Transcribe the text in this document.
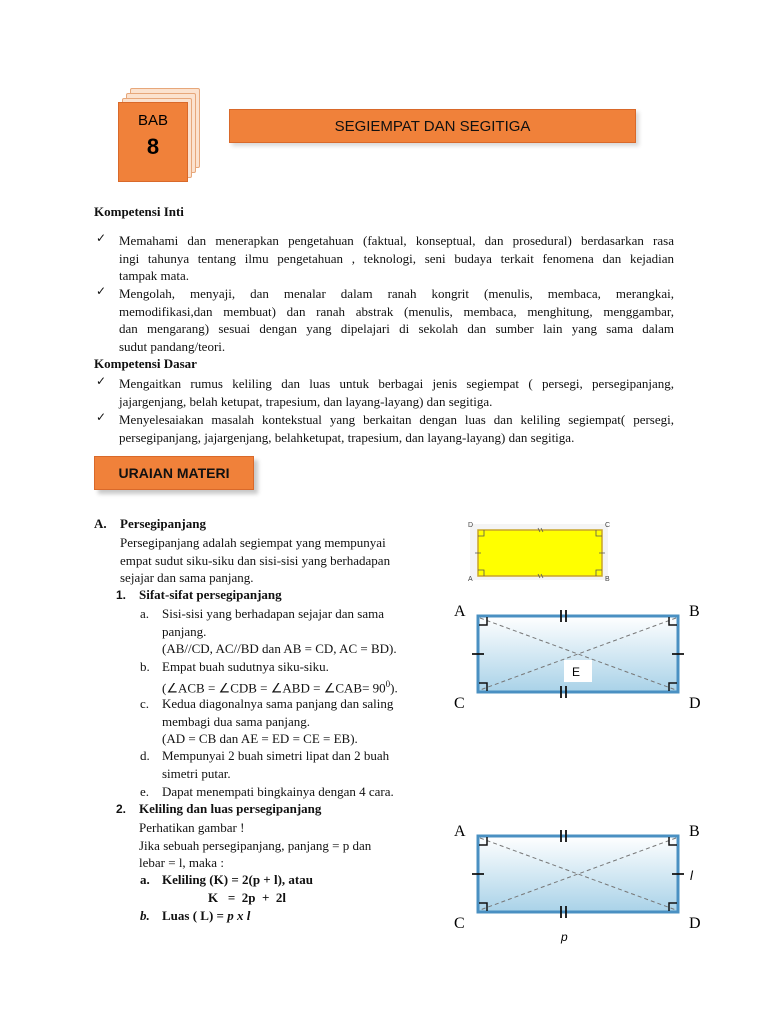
BAB
8
SEGIEMPAT DAN SEGITIGA
Kompetensi Inti
✓ Memahami dan menerapkan pengetahuan (faktual, konseptual, dan prosedural) berdasarkan rasa
ingi tahunya tentang ilmu pengetahuan , teknologi, seni budaya terkait fenomena dan kejadian
tampak mata.
✓ Mengolah, menyaji, dan menalar dalam ranah kongrit (menulis, membaca, merangkai,
memodifikasi,dan membuat) dan ranah abstrak (menulis, membaca, menghitung, menggambar,
dan mengarang) sesuai dengan yang dipelajari di sekolah dan sumber lain yang sama dalam
sudut pandang/teori.
Kompetensi Dasar
✓ Mengaitkan rumus keliling dan luas untuk berbagai jenis segiempat ( persegi, persegipanjang,
jajargenjang, belah ketupat, trapesium, dan layang-layang) dan segitiga.
✓ Menyelesaiakan masalah kontekstual yang berkaitan dengan luas dan keliling segiempat( persegi,
persegipanjang, jajargenjang, belahketupat, trapesium, dan layang-layang) dan segitiga.
URAIAN MATERI
A. Persegipanjang
Persegipanjang adalah segiempat yang mempunyai
empat sudut siku-siku dan sisi-sisi yang berhadapan
sejajar dan sama panjang.
1. Sifat-sifat persegipanjang
a. Sisi-sisi yang berhadapan sejajar dan sama
panjang.
(AB//CD, AC//BD dan AB = CD, AC = BD).
b. Empat buah sudutnya siku-siku.
(∠ACB = ∠CDB = ∠ABD = ∠CAB= $90^0$).
c. Kedua diagonalnya sama panjang dan saling
membagi dua sama panjang.
(AD = CB dan AE = ED = CE = EB).
d. Mempunyai 2 buah simetri lipat dan 2 buah
simetri putar.
e. Dapat menempati bingkainya dengan 4 cara.
2. Keliling dan luas persegipanjang
Perhatikan gambar !
Jika sebuah persegipanjang, panjang = p dan
lebar = l, maka :
a. Keliling (K) = 2(p + l), atau
K   =  2p  +  2l
b. Luas ( L) = p x l
D	C
A	B
E
A	B
C	D
A	B
C	D
l
p
